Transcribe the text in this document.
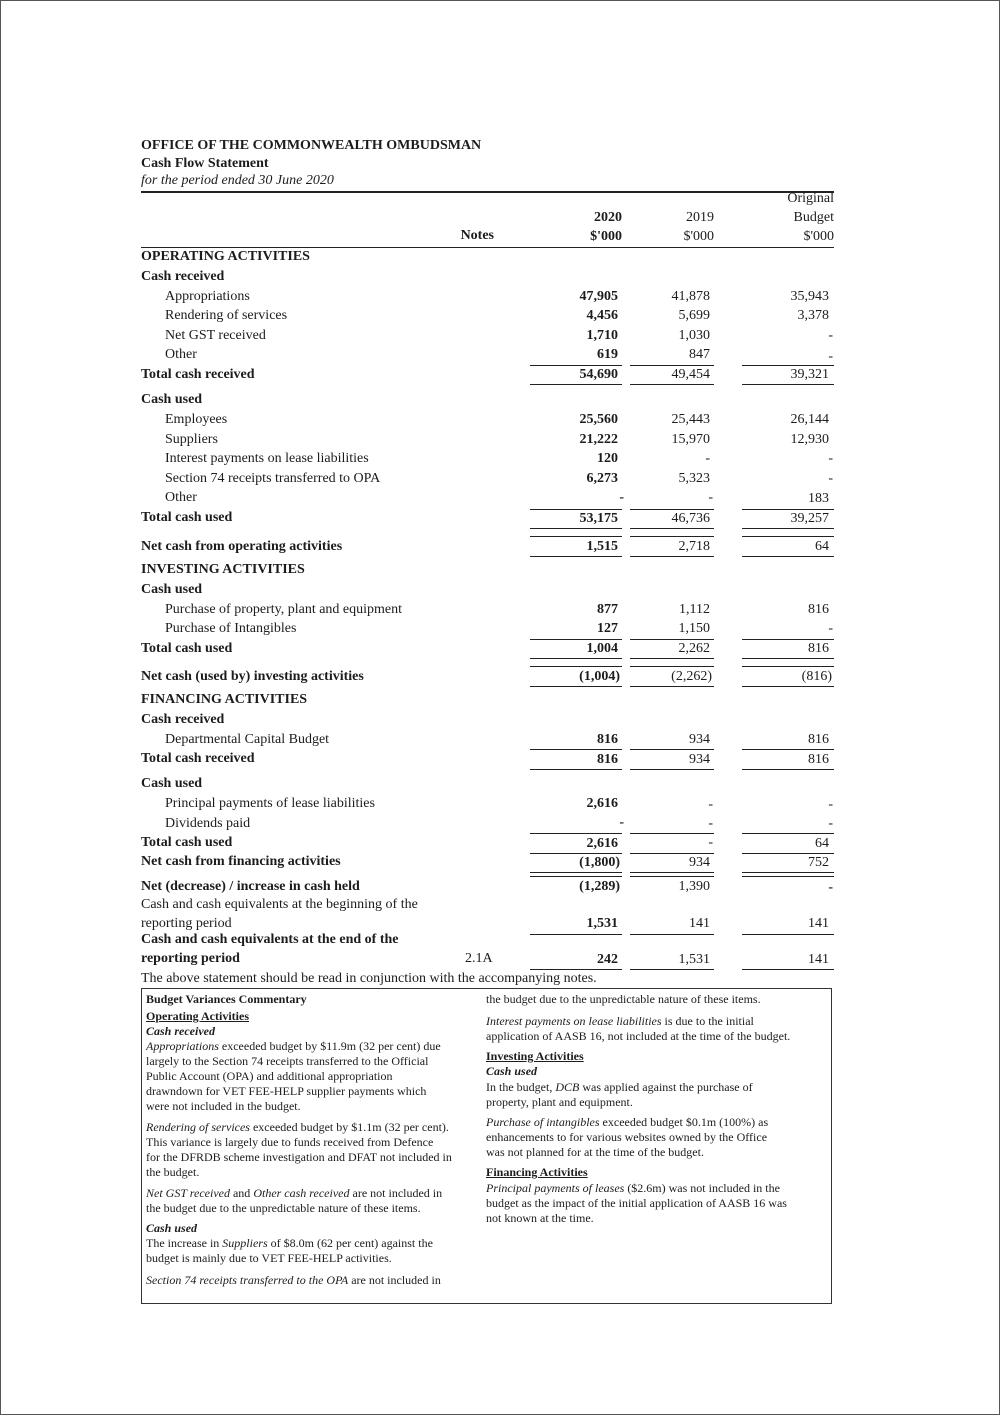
OFFICE OF THE COMMONWEALTH OMBUDSMAN
Cash Flow Statement
for the period ended 30 June 2020
Notes
2020
$'000
2019
$'000
Original
Budget
$'000
OPERATING ACTIVITIES
Cash received
Appropriations	47,905	41,878	35,943
Rendering of services	4,456	5,699	3,378
Net GST received	1,710	1,030	-
Other	619	847	-
Total cash received	54,690	49,454	39,321
Cash used
Employees	25,560	25,443	26,144
Suppliers	21,222	15,970	12,930
Interest payments on lease liabilities	120	-	-
Section 74 receipts transferred to OPA	6,273	5,323	-
Other	-	-	183
Total cash used	53,175	46,736	39,257
Net cash from operating activities	1,515	2,718	64
INVESTING ACTIVITIES
Cash used
Purchase of property, plant and equipment	877	1,112	816
Purchase of Intangibles	127	1,150	-
Total cash used	1,004	2,262	816
Net cash (used by) investing activities	(1,004)	(2,262)	(816)
FINANCING ACTIVITIES
Cash received
Departmental Capital Budget	816	934	816
Total cash received	816	934	816
Cash used
Principal payments of lease liabilities	2,616	-	-
Dividends paid	-	-	-
Total cash used	2,616	-	64
Net cash from financing activities	(1,800)	934	752
Net (decrease) / increase in cash held	(1,289)	1,390	-
Cash and cash equivalents at the beginning of the
reporting period	1,531	141	141
Cash and cash equivalents at the end of the
reporting period	2.1A	242	1,531	141
The above statement should be read in conjunction with the accompanying notes.
Budget Variances Commentary
Operating Activities
Cash received
Appropriations exceeded budget by $11.9m (32 per cent) due
largely to the Section 74 receipts transferred to the Official
Public Account (OPA) and additional appropriation
drawndown for VET FEE-HELP supplier payments which
were not included in the budget.
Rendering of services exceeded budget by $1.1m (32 per cent).
This variance is largely due to funds received from Defence
for the DFRDB scheme investigation and DFAT not included in
the budget.
Net GST received and Other cash received are not included in
the budget due to the unpredictable nature of these items.
Cash used
The increase in Suppliers of $8.0m (62 per cent) against the
budget is mainly due to VET FEE-HELP activities.
Section 74 receipts transferred to the OPA are not included in
the budget due to the unpredictable nature of these items.
Interest payments on lease liabilities is due to the initial
application of AASB 16, not included at the time of the budget.
Investing Activities
Cash used
In the budget, DCB was applied against the purchase of
property, plant and equipment.
Purchase of intangibles exceeded budget $0.1m (100%) as
enhancements to for various websites owned by the Office
was not planned for at the time of the budget.
Financing Activities
Principal payments of leases ($2.6m) was not included in the
budget as the impact of the initial application of AASB 16 was
not known at the time.
